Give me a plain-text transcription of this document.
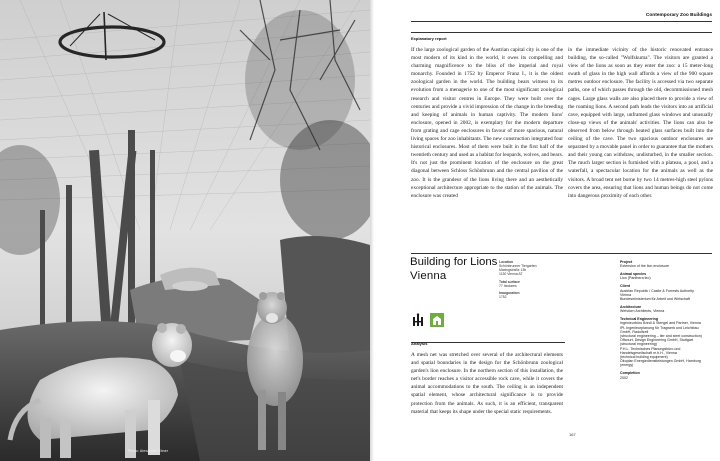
Photo: Alexander Ebner
Contemporary Zoo Buildings
Explanatory report
If the large zoological garden of the Austrian capital city is one of the most modern of its kind in the world, it owes its compelling and charming magnificence to the bliss of the imperial and royal monarchy. Founded in 1752 by Emperor Franz I., it is the oldest zoological garden in the world. The building bears witness to its evolution from a menagerie to one of the most significant zoological research and visitor centres in Europe. They were built over the centuries and provide a vivid impression of the change in the breeding and keeping of animals in human captivity. The modern lions' enclosure, opened in 2002, is exemplary for the modern departure from grating and cage enclosures in favour of more spacious, natural living spaces for zoo inhabitants. The new construction integrated four historical enclosures. Most of them were built in the first half of the twentieth century and used as a habitat for leopards, wolves, and bears. It's not just the prominent location of the enclosure on the great diagonal between Schloss Schönbrunn and the central pavilion of the zoo. It is the grandeur of the lions living there and an aesthetically exceptional architecture appropriate to the station of the animals. The enclosure was created
in the immediate vicinity of the historic renovated entrance building, the so-called "Wolfskuma". The visitors are granted a view of the lions as soon as they enter the zoo: a 15 meter-long swath of glass in the high wall affords a view of the 900 square metres outdoor enclosure. The facility is accessed via two separate paths, one of which passes through the old, decommissioned mesh cages. Large glass walls are also placed there to provide a view of the roaming lions. A second path leads the visitors into an artificial cave, equipped with large, unframed glass windows and unusually close-up views of the animals' activities. The lions can also be observed from below through heated glass surfaces built into the ceiling of the cave. The two spacious outdoor enclosures are separated by a movable panel in order to guarantee that the mothers and their young can withdraw, undisturbed, in the smaller section. The much larger section is furnished with a plateau, a pool, and a waterfall, a spectacular location for the animals as well as the visitors. A broad tent net borne by two 14 metres-high steel pylons covers the area, ensuring that lions and human beings do not come into dangerous proximity of each other.
Building for Lions
Vienna
Location
Schönbrunner Tiergarten
Maxingstraße 13b
1130 Vienna AT
Total surface
77 hectares
Inauguration
1752
Project
Extension of the lion enclosure
Animal species
Lion (Panthera leo)
Client
Austrian Republic / Castle & Forrests Authority
Vienna
Bundesministerium für Arbeit und Wirtschaft
Architecture
Wehdorn Architects, Vienna
Technical Engineering
Ingenieurbüro Bredl & Stengel and Partner, Vienna
IPL Ingenieurplanung für Tragwerk und Leichtbau
GmbH, Radolfzell
(structural engineering – tier and steel construction)
Offcourt, Design Engineering GmbH, Stuttgart
(structural engineering)
P.H.L. Technisches Planungsbüro und
Handelsgesellschaft m.b.H., Vienna
(technical building equipment)
Ökoplan Energiedienstleistungen GmbH, Hamburg
(energy)
Completion
2002
Analysis
A mesh net was stretched over several of the architectural elements and spatial boundaries in the design for the Schönbrunn zoological garden's lion enclosure. In the northern section of this installation, the net's border reaches a visitor accessible rock cave, while it covers the animal accommodations to the south. The ceiling is an independent spatial element, whose architectural significance is to provide protection from the animals. As such, it is an efficient, transparent material that keeps its shape under the special static requirements.
167
